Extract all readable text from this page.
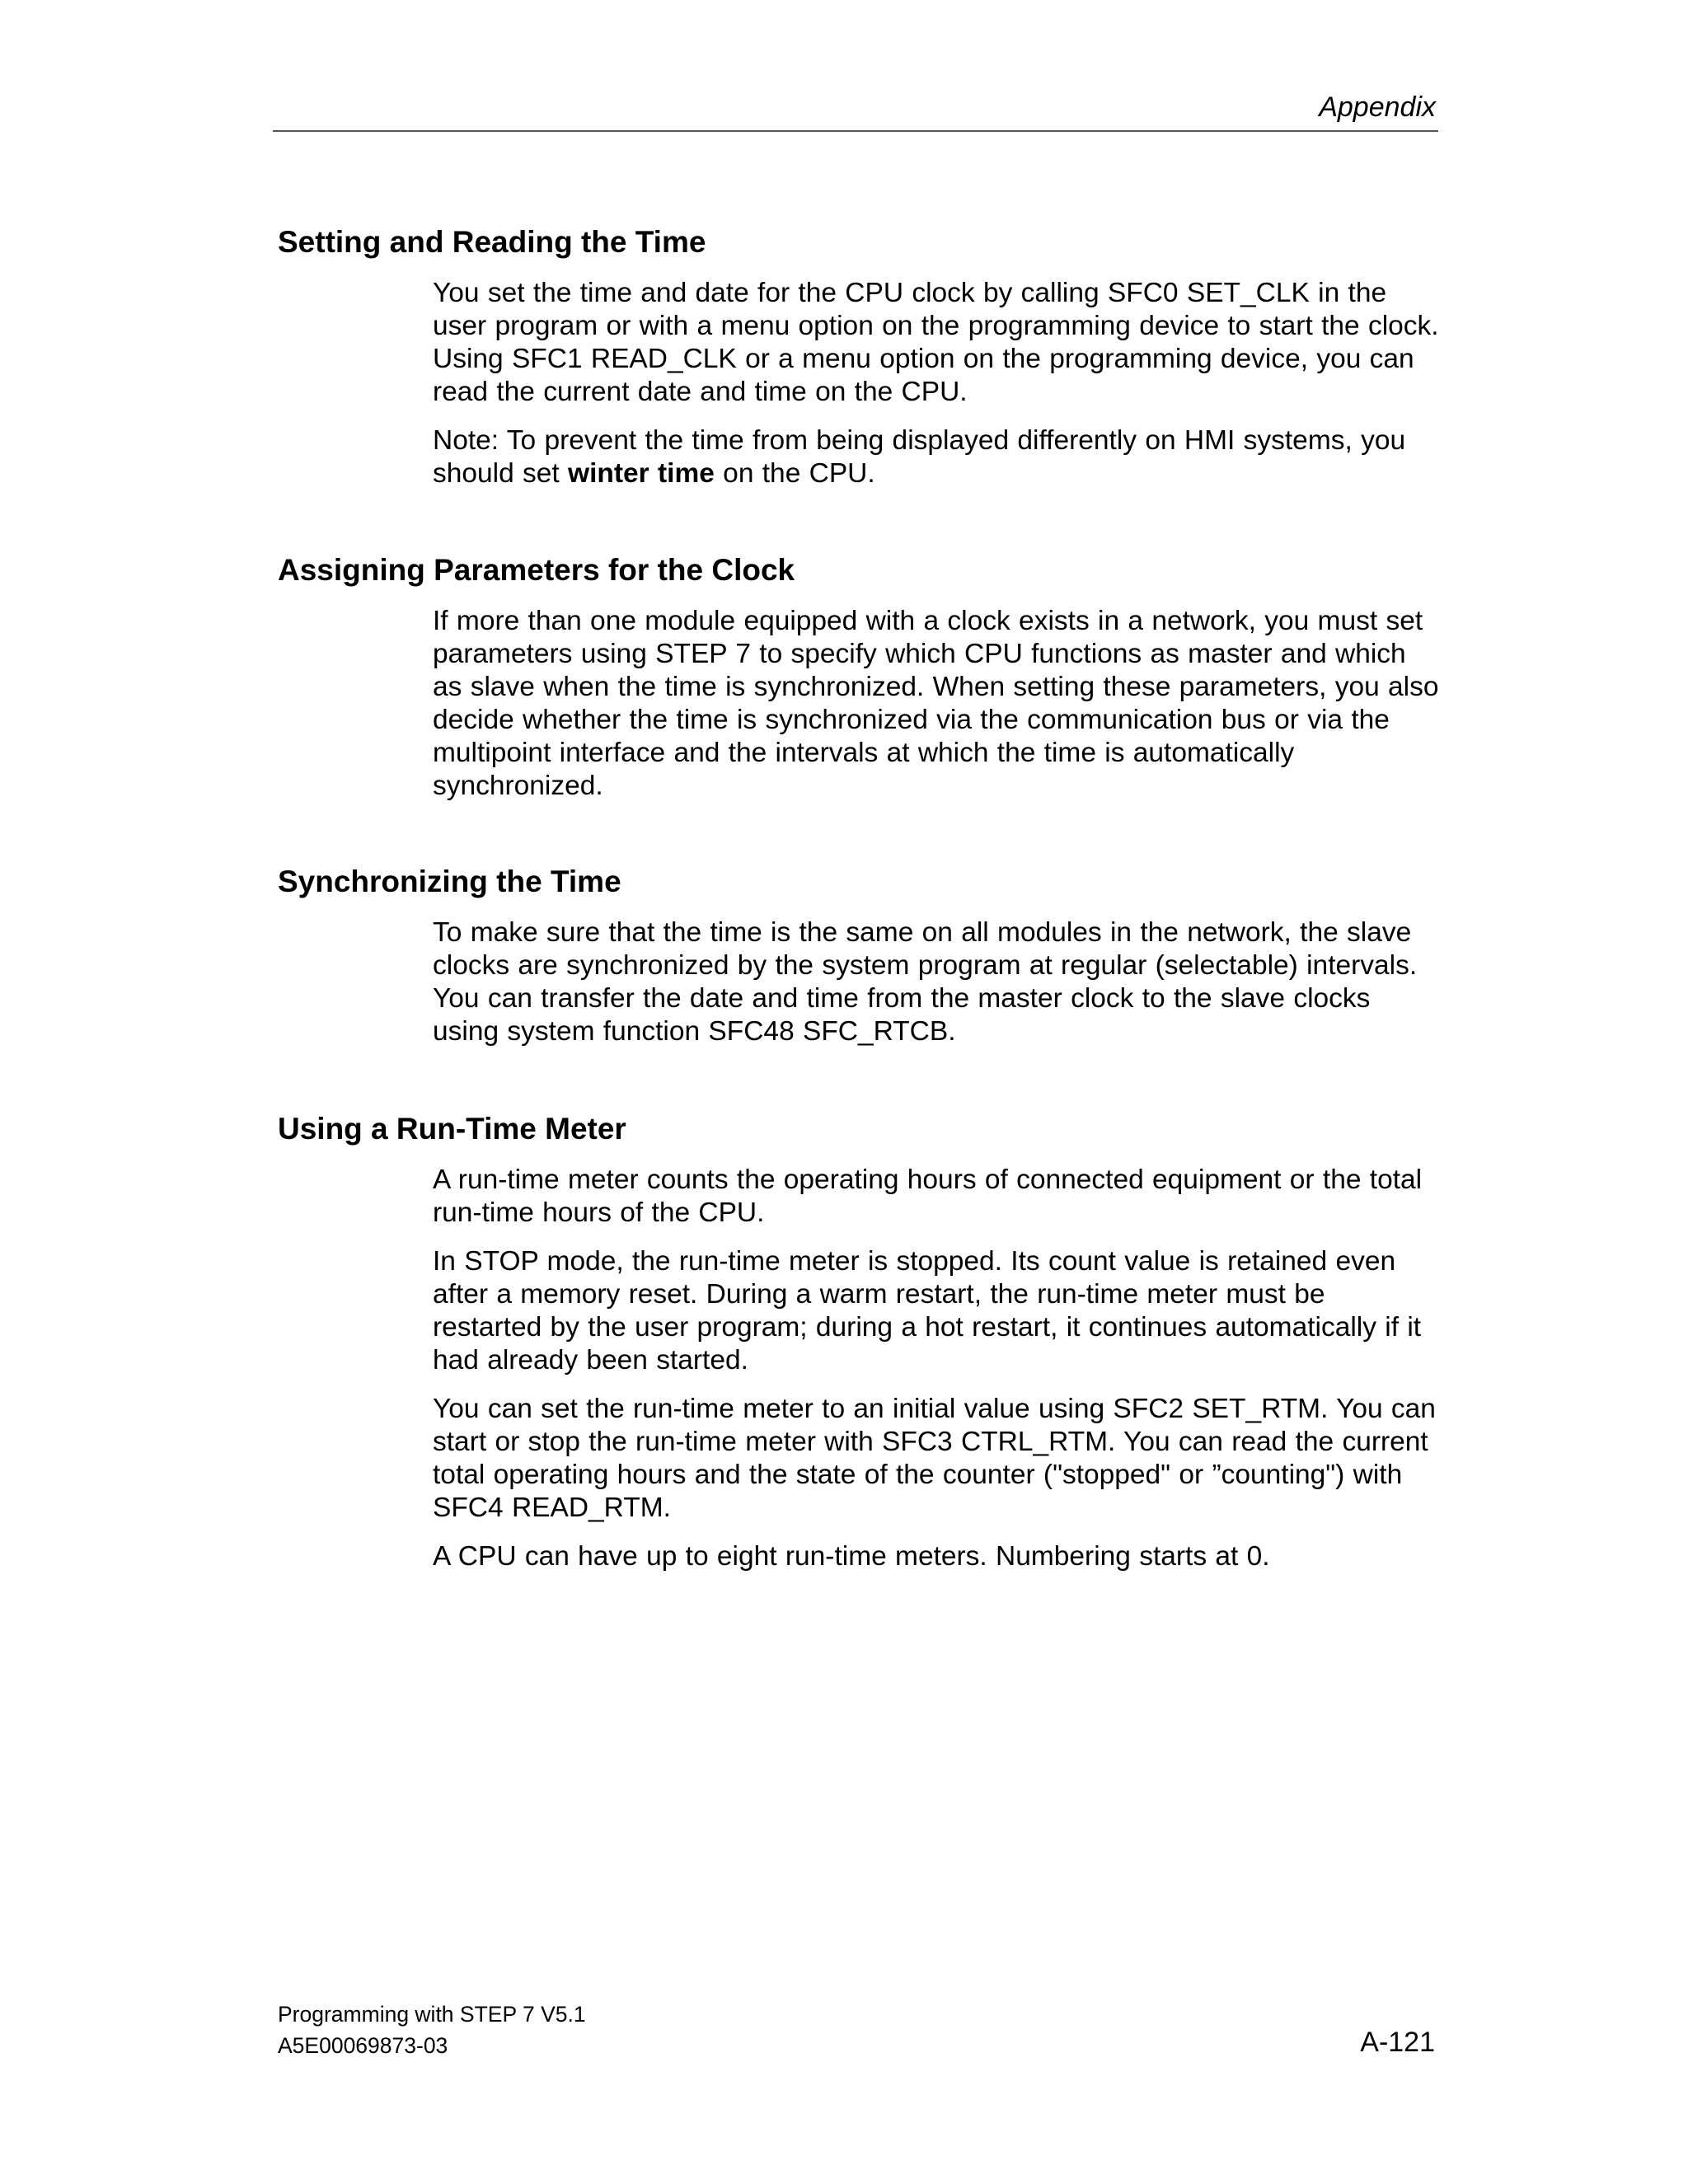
Appendix
Setting and Reading the Time

You set the time and date for the CPU clock by calling SFC0 SET_CLK in the user program or with a menu option on the programming device to start the clock. Using SFC1 READ_CLK or a menu option on the programming device, you can read the current date and time on the CPU.

Note: To prevent the time from being displayed differently on HMI systems, you should set winter time on the CPU.

Assigning Parameters for the Clock

If more than one module equipped with a clock exists in a network, you must set parameters using STEP 7 to specify which CPU functions as master and which as slave when the time is synchronized. When setting these parameters, you also decide whether the time is synchronized via the communication bus or via the multipoint interface and the intervals at which the time is automatically synchronized.

Synchronizing the Time

To make sure that the time is the same on all modules in the network, the slave clocks are synchronized by the system program at regular (selectable) intervals. You can transfer the date and time from the master clock to the slave clocks using system function SFC48 SFC_RTCB.

Using a Run-Time Meter

A run-time meter counts the operating hours of connected equipment or the total run-time hours of the CPU.

In STOP mode, the run-time meter is stopped. Its count value is retained even after a memory reset. During a warm restart, the run-time meter must be restarted by the user program; during a hot restart, it continues automatically if it had already been started.

You can set the run-time meter to an initial value using SFC2 SET_RTM. You can start or stop the run-time meter with SFC3 CTRL_RTM. You can read the current total operating hours and the state of the counter ("stopped" or ”counting") with SFC4 READ_RTM.

A CPU can have up to eight run-time meters. Numbering starts at 0.

Programming with STEP 7 V5.1
A5E00069873-03	A-121
